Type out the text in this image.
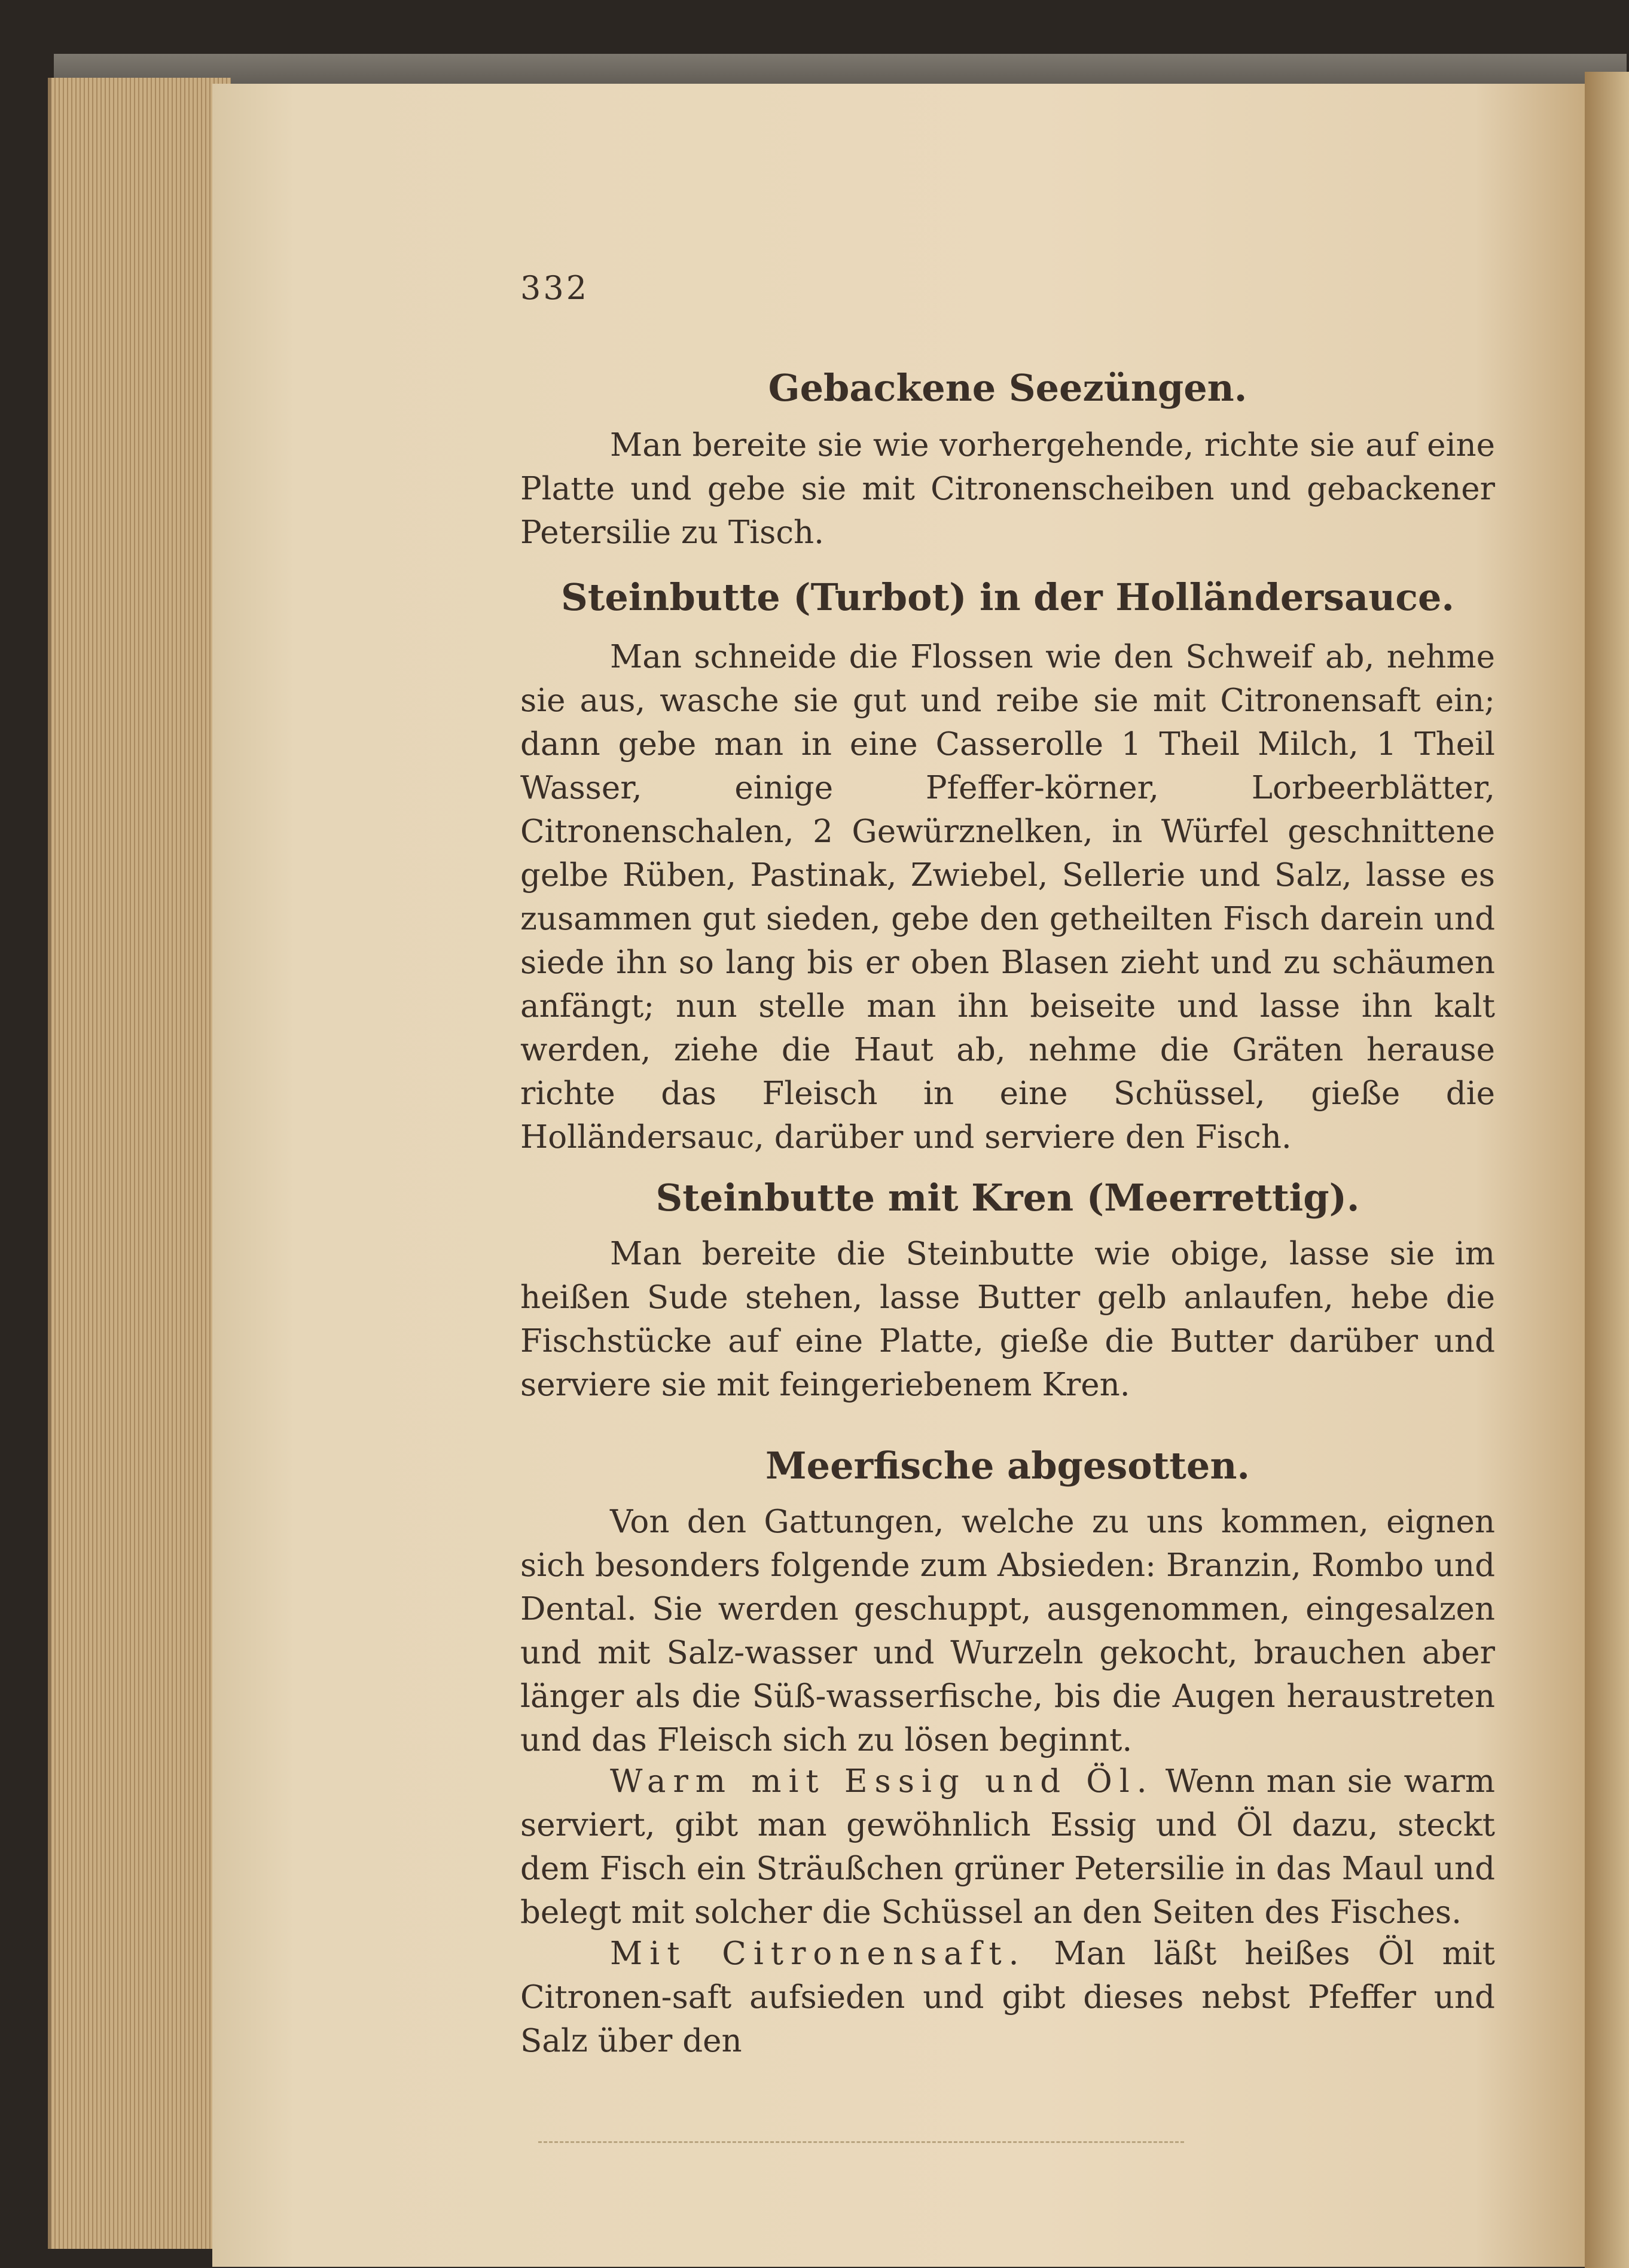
332
Gebackene Seezüngen.
Man bereite sie wie vorhergehende, richte sie auf eine Platte und gebe sie mit Citronenscheiben und gebackener Petersilie zu Tisch.
Steinbutte (Turbot) in der Holländersauce.
Man schneide die Flossen wie den Schweif ab, nehme sie aus, wasche sie gut und reibe sie mit Citronensaft ein; dann gebe man in eine Casserolle 1 Theil Milch, 1 Theil Wasser, einige Pfeffer-körner, Lorbeerblätter, Citronenschalen, 2 Gewürznelken, in Würfel geschnittene gelbe Rüben, Pastinak, Zwiebel, Sellerie und Salz, lasse es zusammen gut sieden, gebe den getheilten Fisch darein und siede ihn so lang bis er oben Blasen zieht und zu schäumen anfängt; nun stelle man ihn beiseite und lasse ihn kalt werden, ziehe die Haut ab, nehme die Gräten herause richte das Fleisch in eine Schüssel, gieße die Holländersauc, darüber und serviere den Fisch.
Steinbutte mit Kren (Meerrettig).
Man bereite die Steinbutte wie obige, lasse sie im heißen Sude stehen, lasse Butter gelb anlaufen, hebe die Fischstücke auf eine Platte, gieße die Butter darüber und serviere sie mit feingeriebenem Kren.
Meerfische abgesotten.
Von den Gattungen, welche zu uns kommen, eignen sich besonders folgende zum Absieden: Branzin, Rombo und Dental. Sie werden geschuppt, ausgenommen, eingesalzen und mit Salz-wasser und Wurzeln gekocht, brauchen aber länger als die Süß-wasserfische, bis die Augen heraustreten und das Fleisch sich zu lösen beginnt.
Warm mit Essig und Öl. Wenn man sie warm serviert, gibt man gewöhnlich Essig und Öl dazu, steckt dem Fisch ein Sträußchen grüner Petersilie in das Maul und belegt mit solcher die Schüssel an den Seiten des Fisches.
Mit Citronensaft. Man läßt heißes Öl mit Citronen-saft aufsieden und gibt dieses nebst Pfeffer und Salz über den
